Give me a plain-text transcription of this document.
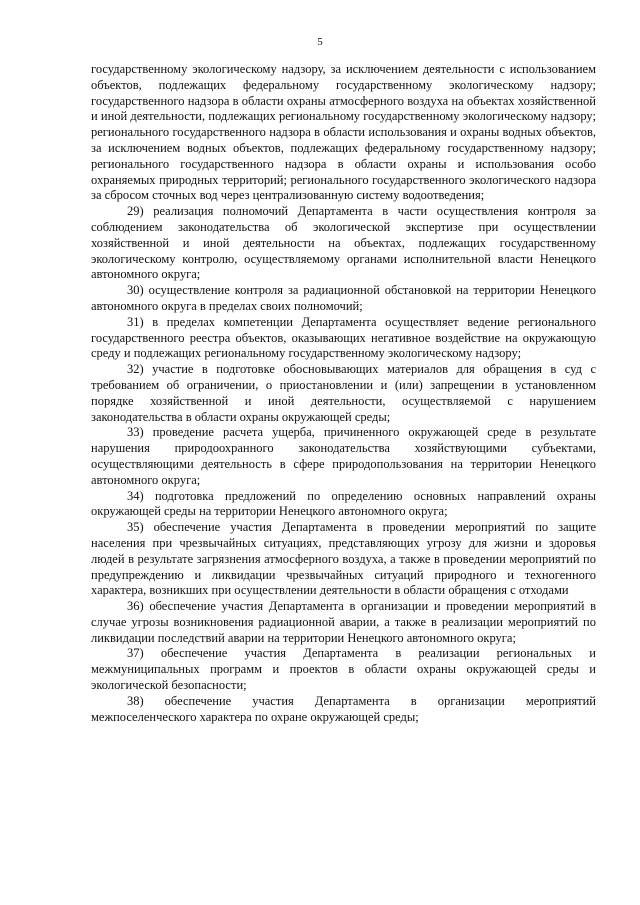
5

государственному экологическому надзору, за исключением деятельности с использованием объектов, подлежащих федеральному государственному экологическому надзору; государственного надзора в области охраны атмосферного воздуха на объектах хозяйственной и иной деятельности, подлежащих региональному государственному экологическому надзору; регионального государственного надзора в области использования и охраны водных объектов, за исключением водных объектов, подлежащих федеральному государственному надзору; регионального государственного надзора в области охраны и использования особо охраняемых природных территорий; регионального государственного экологического надзора за сбросом сточных вод через централизованную систему водоотведения;

29) реализация полномочий Департамента в части осуществления контроля за соблюдением законодательства об экологической экспертизе при осуществлении хозяйственной и иной деятельности на объектах, подлежащих государственному экологическому контролю, осуществляемому органами исполнительной власти Ненецкого автономного округа;

30) осуществление контроля за радиационной обстановкой на территории Ненецкого автономного округа в пределах своих полномочий;

31) в пределах компетенции Департамента осуществляет ведение регионального государственного реестра объектов, оказывающих негативное воздействие на окружающую среду и подлежащих региональному государственному экологическому надзору;

32) участие в подготовке обосновывающих материалов для обращения в суд с требованием об ограничении, о приостановлении и (или) запрещении в установленном порядке хозяйственной и иной деятельности, осуществляемой с нарушением законодательства в области охраны окружающей среды;

33) проведение расчета ущерба, причиненного окружающей среде в результате нарушения природоохранного законодательства хозяйствующими субъектами, осуществляющими деятельность в сфере природопользования на территории Ненецкого автономного округа;

34) подготовка предложений по определению основных направлений охраны окружающей среды на территории Ненецкого автономного округа;

35) обеспечение участия Департамента в проведении мероприятий по защите населения при чрезвычайных ситуациях, представляющих угрозу для жизни и здоровья людей в результате загрязнения атмосферного воздуха, а также в проведении мероприятий по предупреждению и ликвидации чрезвычайных ситуаций природного и техногенного характера, возникших при осуществлении деятельности в области обращения с отходами

36) обеспечение участия Департамента в организации и проведении мероприятий в случае угрозы возникновения радиационной аварии, а также в реализации мероприятий по ликвидации последствий аварии на территории Ненецкого автономного округа;

37) обеспечение участия Департамента в реализации региональных и межмуниципальных программ и проектов в области охраны окружающей среды и экологической безопасности;

38) обеспечение участия Департамента в организации мероприятий межпоселенческого характера по охране окружающей среды;
